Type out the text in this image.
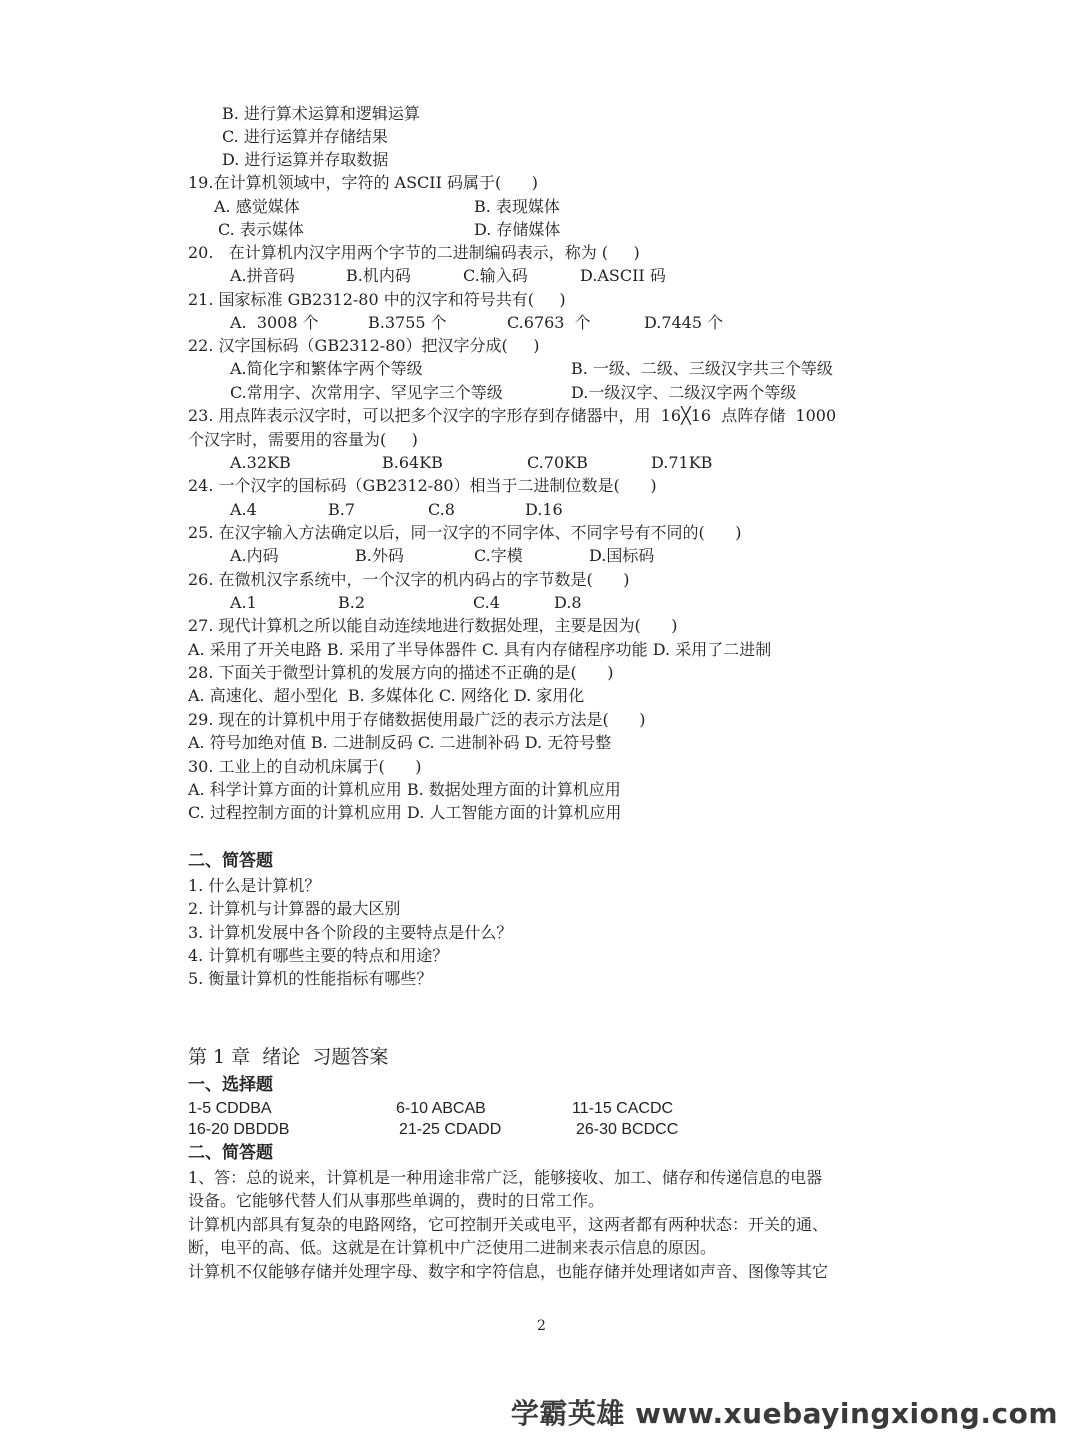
B. 进行算术运算和逻辑运算
C. 进行运算并存储结果
D. 进行运算并存取数据
19.在计算机领域中，字符的 ASCII 码属于(      )
A. 感觉媒体	B. 表现媒体
C. 表示媒体	D. 存储媒体
20.   在计算机内汉字用两个字节的二进制编码表示，称为 (     )
A.拼音码	B.机内码	C.输入码	D.ASCII 码
21. 国家标准 GB2312-80 中的汉字和符号共有(     )
A.  3008 个	B.3755 个	C.6763  个	D.7445 个
22. 汉字国标码（GB2312-80）把汉字分成(     )
A.简化字和繁体字两个等级	B. 一级、二级、三级汉字共三个等级
C.常用字、次常用字、罕见字三个等级	D.一级汉字、二级汉字两个等级
23. 用点阵表示汉字时，可以把多个汉字的字形存到存储器中，用  16╳16  点阵存储  1000
个汉字时，需要用的容量为(     )
A.32KB	B.64KB	C.70KB	D.71KB
24. 一个汉字的国标码（GB2312-80）相当于二进制位数是(      )
A.4	B.7	C.8	D.16
25. 在汉字输入方法确定以后，同一汉字的不同字体、不同字号有不同的(      )
A.内码	B.外码	C.字模	D.国标码
26. 在微机汉字系统中，一个汉字的机内码占的字节数是(      )
A.1	B.2	C.4	D.8
27. 现代计算机之所以能自动连续地进行数据处理，主要是因为(      )
A. 采用了开关电路 B. 采用了半导体器件 C. 具有内存储程序功能 D. 采用了二进制
28. 下面关于微型计算机的发展方向的描述不正确的是(      )
A. 高速化、超小型化  B. 多媒体化 C. 网络化 D. 家用化
29. 现在的计算机中用于存储数据使用最广泛的表示方法是(      )
A. 符号加绝对值 B. 二进制反码 C. 二进制补码 D. 无符号整
30. 工业上的自动机床属于(      )
A. 科学计算方面的计算机应用 B. 数据处理方面的计算机应用
C. 过程控制方面的计算机应用 D. 人工智能方面的计算机应用
二、简答题
1. 什么是计算机？
2. 计算机与计算器的最大区别
3. 计算机发展中各个阶段的主要特点是什么？
4. 计算机有哪些主要的特点和用途？
5. 衡量计算机的性能指标有哪些？
第 1 章  绪论  习题答案
一、选择题
1-5 CDDBA	6-10 ABCAB	11-15 CACDC
16-20 DBDDB	21-25 CDADD	26-30 BCDCC
二、简答题
1、答：总的说来，计算机是一种用途非常广泛，能够接收、加工、储存和传递信息的电器
设备。它能够代替人们从事那些单调的，费时的日常工作。
计算机内部具有复杂的电路网络，它可控制开关或电平，这两者都有两种状态：开关的通、
断，电平的高、低。这就是在计算机中广泛使用二进制来表示信息的原因。
计算机不仅能够存储并处理字母、数字和字符信息，也能存储并处理诸如声音、图像等其它
2
学霸英雄 www.xuebayingxiong.com
